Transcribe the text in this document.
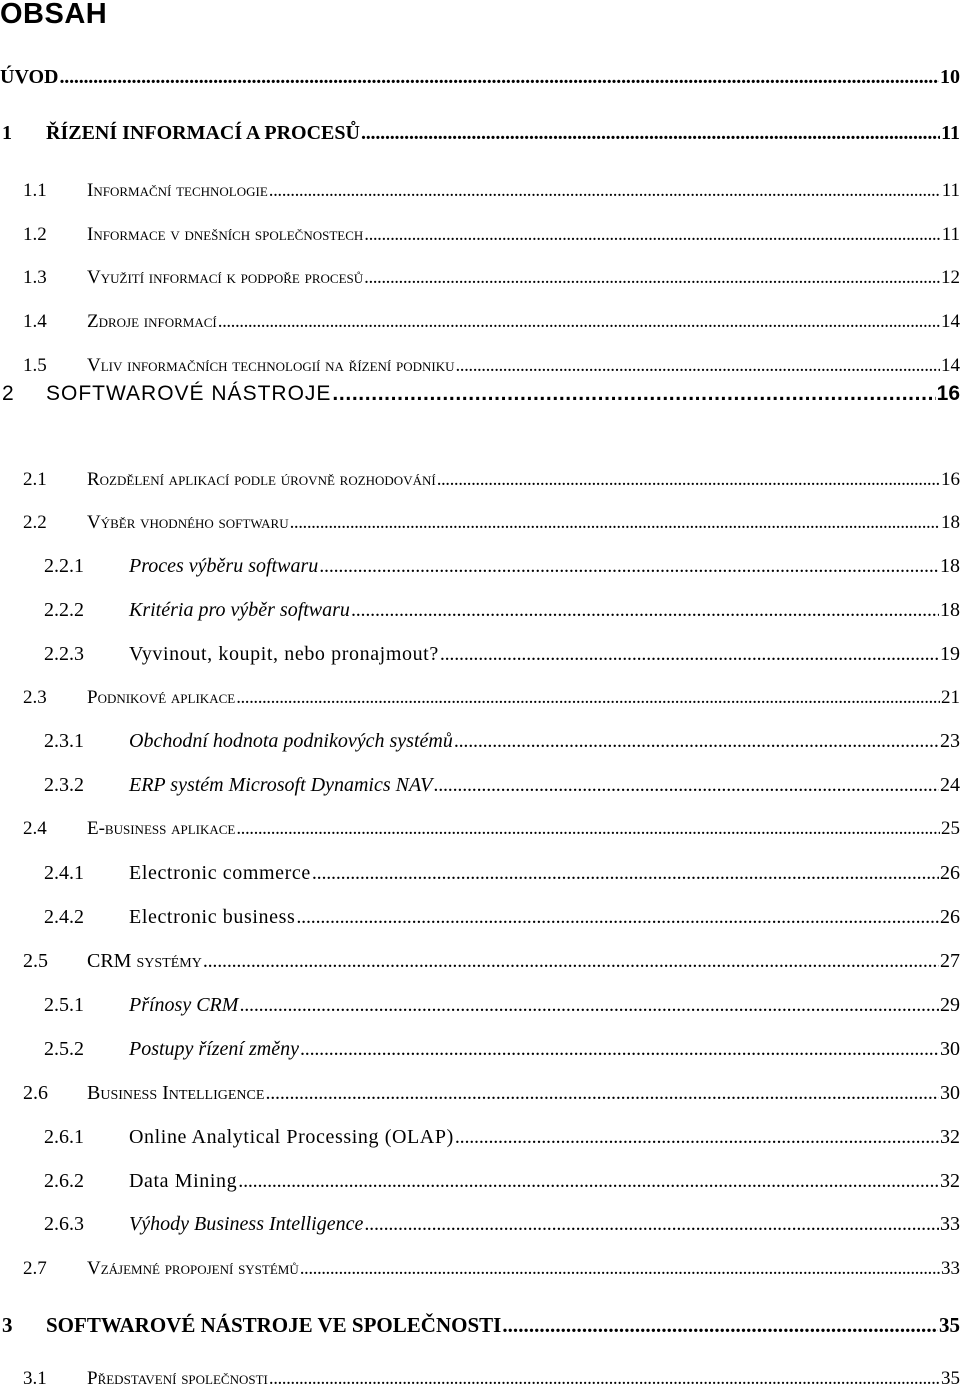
OBSAH
ÚVOD . . .	10
1	ŘÍZENÍ INFORMACÍ A PROCESŮ . . .	11
1.1	Informační technologie . . .	11
1.2	Informace v dnešních společnostech . . .	11
1.3	Využití informací k podpoře procesů . . .	12
1.4	Zdroje informací . . .	14
1.5	Vliv informačních technologií na řízení podniku . . .	14
2	SOFTWAROVÉ NÁSTROJE . . .	16
2.1	Rozdělení aplikací podle úrovně rozhodování . . .	16
2.2	Výběr vhodného softwaru . . .	18
2.2.1	Proces výběru softwaru . . .	18
2.2.2	Kritéria pro výběr softwaru . . .	18
2.2.3	Vyvinout, koupit, nebo pronajmout? . . .	19
2.3	Podnikové aplikace . . .	21
2.3.1	Obchodní hodnota podnikových systémů . . .	23
2.3.2	ERP systém Microsoft Dynamics NAV . . .	24
2.4	E-business aplikace . . .	25
2.4.1	Electronic commerce . . .	26
2.4.2	Electronic business . . .	26
2.5	CRM systémy . . .	27
2.5.1	Přínosy CRM . . .	29
2.5.2	Postupy řízení změny . . .	30
2.6	Business Intelligence . . .	30
2.6.1	Online Analytical Processing (OLAP) . . .	32
2.6.2	Data Mining . . .	32
2.6.3	Výhody Business Intelligence . . .	33
2.7	Vzájemné propojení systémů . . .	33
3	SOFTWAROVÉ NÁSTROJE VE SPOLEČNOSTI . . .	35
3.1	Představení společnosti . . .	35
